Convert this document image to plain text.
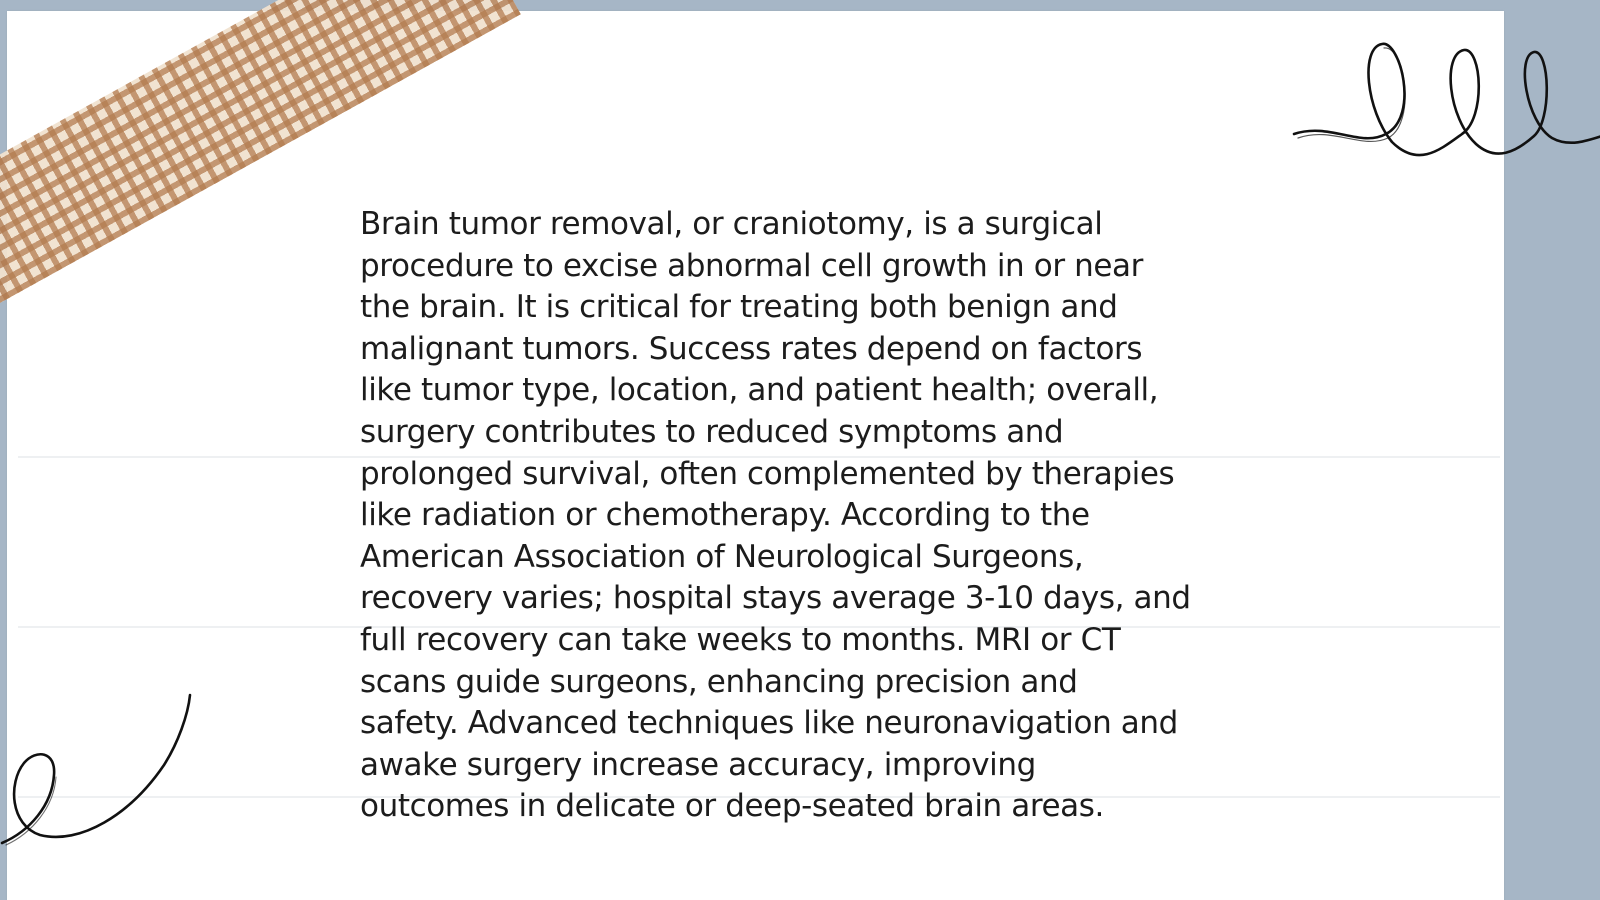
Brain tumor removal, or craniotomy, is a surgical
procedure to excise abnormal cell growth in or near
the brain. It is critical for treating both benign and
malignant tumors. Success rates depend on factors
like tumor type, location, and patient health; overall,
surgery contributes to reduced symptoms and
prolonged survival, often complemented by therapies
like radiation or chemotherapy. According to the
American Association of Neurological Surgeons,
recovery varies; hospital stays average 3-10 days, and
full recovery can take weeks to months. MRI or CT
scans guide surgeons, enhancing precision and
safety. Advanced techniques like neuronavigation and
awake surgery increase accuracy, improving
outcomes in delicate or deep-seated brain areas.
